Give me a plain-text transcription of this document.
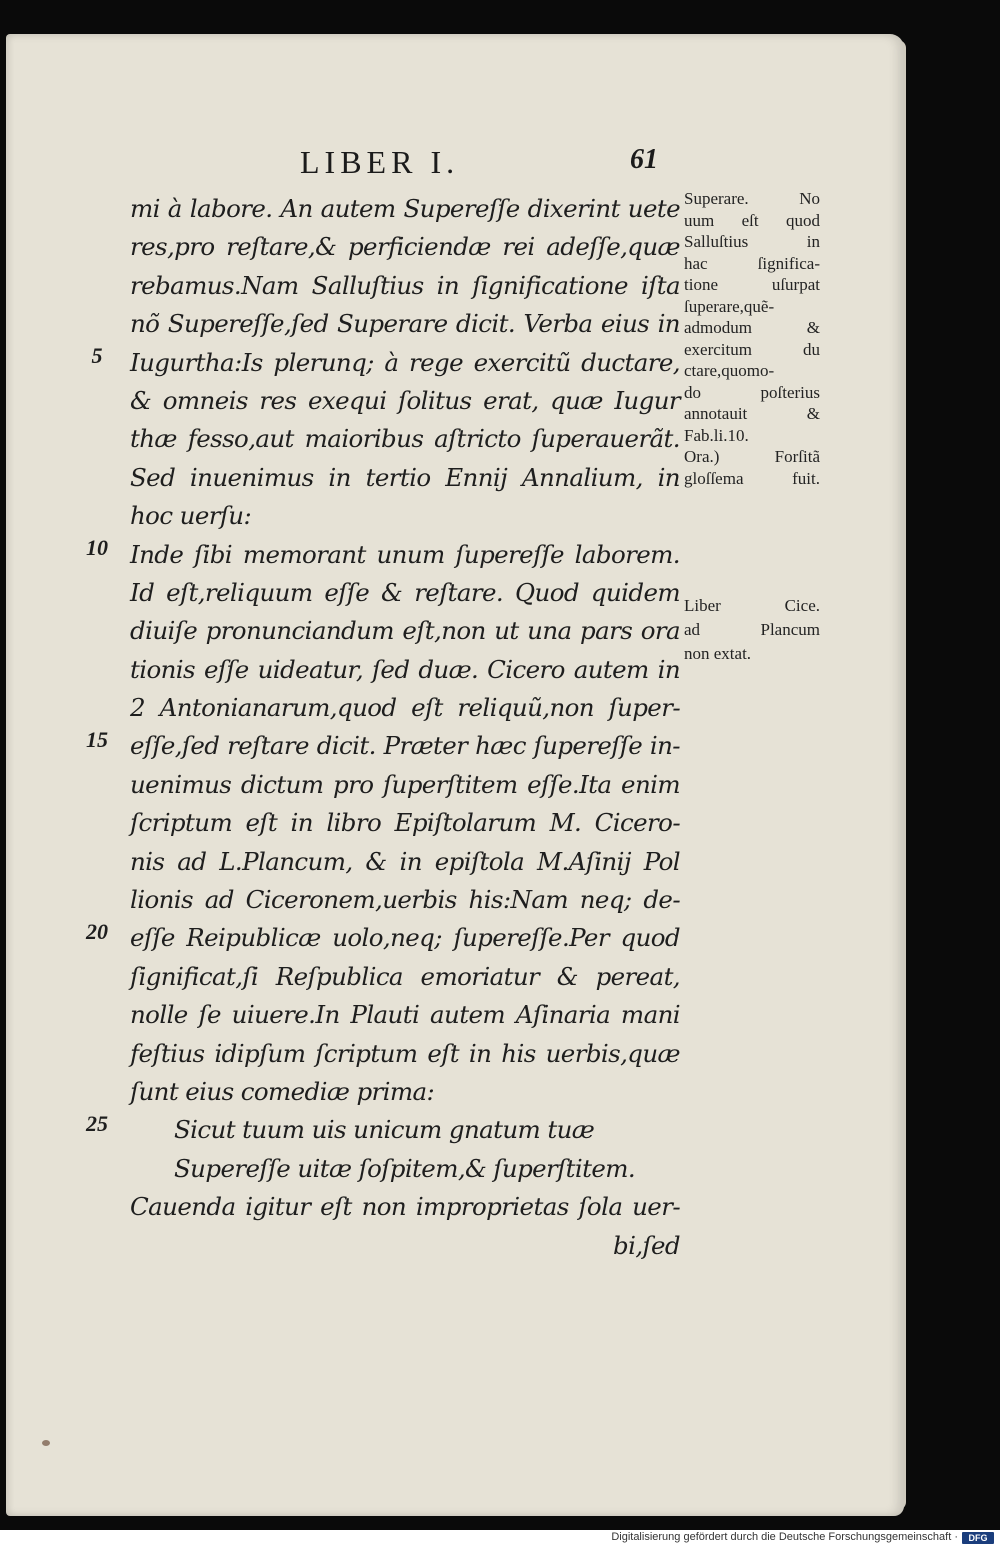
LIBER I.	61
5
10
15
20
25
mi à labore. An autem Supereſſe dixerint uete
res,pro reſtare,& perficiendæ rei adeſſe,quæ
rebamus.Nam Salluſtius in ſignificatione iſta
nõ Supereſſe,ſed Superare dicit. Verba eius in
Iugurtha:Is plerunq; à rege exercitũ ductare,
& omneis res exequi ſolitus erat, quæ Iugur
thæ fesso,aut maioribus aſtricto ſuperauerãt.
Sed inuenimus in tertio Ennij Annalium, in
hoc uerſu:
Inde ſibi memorant unum ſupereſſe laborem.
Id eſt,reliquum eſſe & reſtare. Quod quidem
diuiſe pronunciandum eſt,non ut una pars ora
tionis eſſe uideatur, ſed duæ. Cicero autem in
2 Antonianarum,quod eſt reliquũ,non ſuper-
eſſe,ſed reſtare dicit. Præter hæc ſupereſſe in-
uenimus dictum pro ſuperſtitem eſſe.Ita enim
ſcriptum eſt in libro Epiſtolarum M. Cicero-
nis ad L.Plancum, & in epiſtola M.Aſinij Pol
lionis ad Ciceronem,uerbis his:Nam neq; de-
eſſe Reipublicæ uolo,neq; ſupereſſe.Per quod
ſignificat,ſi Reſpublica emoriatur & pereat,
nolle ſe uiuere.In Plauti autem Aſinaria mani
feſtius idipſum ſcriptum eſt in his uerbis,quæ
ſunt eius comediæ prima:
Sicut tuum uis unicum gnatum tuæ
Supereſſe uitæ ſoſpitem,& ſuperſtitem.
Cauenda igitur eſt non improprietas ſola uer-
bi,ſed
Superare. No
uum eſt quod
Salluſtius in
hac ſignifica-
tione uſurpat
ſuperare,quẽ-
admodum &
exercitum du
ctare,quomo-
do poſterius
annotauit &
Fab.li.10.
Ora.) Forſitã
gloſſema fuit.
Liber Cice.
ad Plancum
non extat.
Digitalisierung gefördert durch die Deutsche Forschungsgemeinschaft ·	DFG
